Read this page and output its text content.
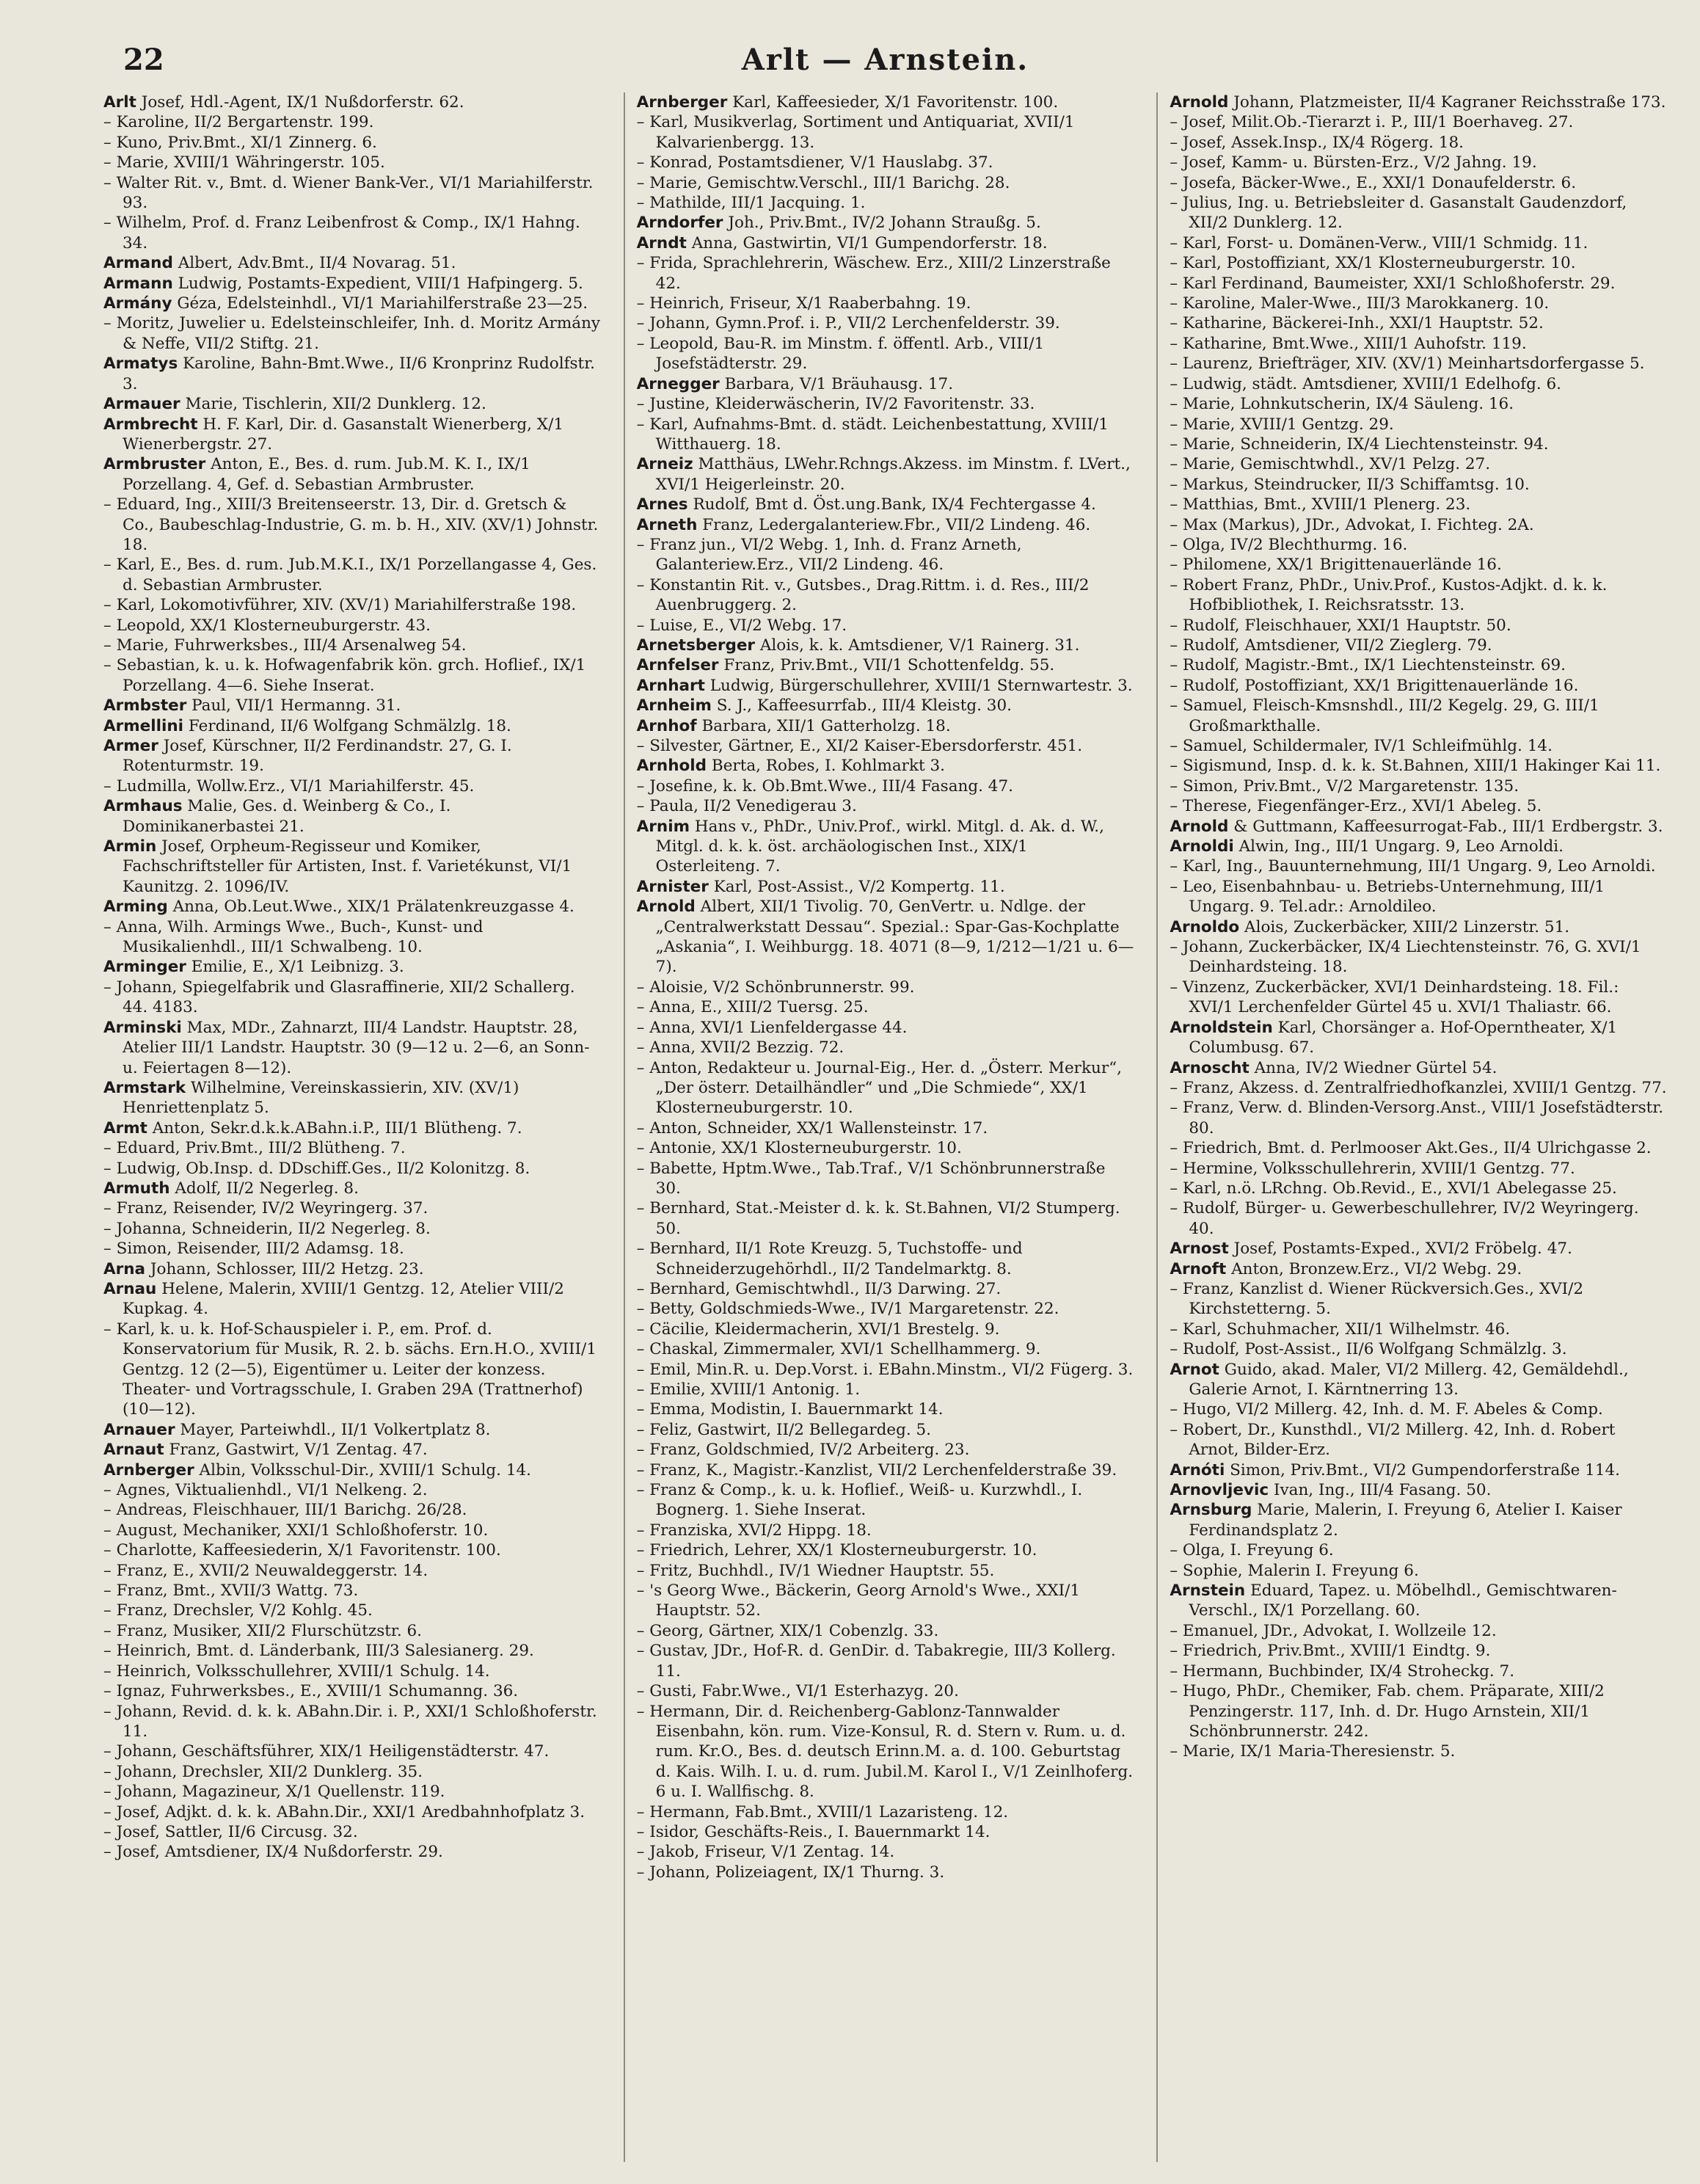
22	Arlt — Arnstein.
Arlt Josef, Hdl.-Agent, IX/1 Nußdorferstr. 62.
– Karoline, II/2 Bergartenstr. 199.
– Kuno, Priv.Bmt., XI/1 Zinnerg. 6.
– Marie, XVIII/1 Währingerstr. 105.
– Walter Rit. v., Bmt. d. Wiener Bank-Ver., VI/1 Mariahilferstr. 93.
– Wilhelm, Prof. d. Franz Leibenfrost & Comp., IX/1 Hahng. 34.
Armand Albert, Adv.Bmt., II/4 Novarag. 51.
Armann Ludwig, Postamts-Expedient, VIII/1 Hafpingerg. 5.
Armány Géza, Edelsteinhdl., VI/1 Mariahilferstraße 23—25.
– Moritz, Juwelier u. Edelsteinschleifer, Inh. d. Moritz Armány & Neffe, VII/2 Stiftg. 21.
Armatys Karoline, Bahn-Bmt.Wwe., II/6 Kronprinz Rudolfstr. 3.
Armauer Marie, Tischlerin, XII/2 Dunklerg. 12.
Armbrecht H. F. Karl, Dir. d. Gasanstalt Wienerberg, X/1 Wienerbergstr. 27.
Armbruster Anton, E., Bes. d. rum. Jub.M. K. I., IX/1 Porzellang. 4, Gef. d. Sebastian Armbruster.
– Eduard, Ing., XIII/3 Breitenseerstr. 13, Dir. d. Gretsch & Co., Baubeschlag-Industrie, G. m. b. H., XIV. (XV/1) Johnstr. 18.
– Karl, E., Bes. d. rum. Jub.M.K.I., IX/1 Porzellangasse 4, Ges. d. Sebastian Armbruster.
– Karl, Lokomotivführer, XIV. (XV/1) Mariahilferstraße 198.
– Leopold, XX/1 Klosterneuburgerstr. 43.
– Marie, Fuhrwerksbes., III/4 Arsenalweg 54.
– Sebastian, k. u. k. Hofwagenfabrik kön. grch. Hoflief., IX/1 Porzellang. 4—6. Siehe Inserat.
Armbster Paul, VII/1 Hermanng. 31.
Armellini Ferdinand, II/6 Wolfgang Schmälzlg. 18.
Armer Josef, Kürschner, II/2 Ferdinandstr. 27, G. I. Rotenturmstr. 19.
– Ludmilla, Wollw.Erz., VI/1 Mariahilferstr. 45.
Armhaus Malie, Ges. d. Weinberg & Co., I. Dominikanerbastei 21.
Armin Josef, Orpheum-Regisseur und Komiker, Fachschriftsteller für Artisten, Inst. f. Varietékunst, VI/1 Kaunitzg. 2. 1096/IV.
Arming Anna, Ob.Leut.Wwe., XIX/1 Prälatenkreuzgasse 4.
– Anna, Wilh. Armings Wwe., Buch-, Kunst- und Musikalienhdl., III/1 Schwalbeng. 10.
Arminger Emilie, E., X/1 Leibnizg. 3.
– Johann, Spiegelfabrik und Glasraffinerie, XII/2 Schallerg. 44. 4183.
Arminski Max, MDr., Zahnarzt, III/4 Landstr. Hauptstr. 28, Atelier III/1 Landstr. Hauptstr. 30 (9—12 u. 2—6, an Sonn- u. Feiertagen 8—12).
Armstark Wilhelmine, Vereinskassierin, XIV. (XV/1) Henriettenplatz 5.
Armt Anton, Sekr.d.k.k.ABahn.i.P., III/1 Blütheng. 7.
– Eduard, Priv.Bmt., III/2 Blütheng. 7.
– Ludwig, Ob.Insp. d. DDschiff.Ges., II/2 Kolonitzg. 8.
Armuth Adolf, II/2 Negerleg. 8.
– Franz, Reisender, IV/2 Weyringerg. 37.
– Johanna, Schneiderin, II/2 Negerleg. 8.
– Simon, Reisender, III/2 Adamsg. 18.
Arna Johann, Schlosser, III/2 Hetzg. 23.
Arnau Helene, Malerin, XVIII/1 Gentzg. 12, Atelier VIII/2 Kupkag. 4.
– Karl, k. u. k. Hof-Schauspieler i. P., em. Prof. d. Konservatorium für Musik, R. 2. b. sächs. Ern.H.O., XVIII/1 Gentzg. 12 (2—5), Eigentümer u. Leiter der konzess. Theater- und Vortragsschule, I. Graben 29A (Trattnerhof) (10—12).
Arnauer Mayer, Parteiwhdl., II/1 Volkertplatz 8.
Arnaut Franz, Gastwirt, V/1 Zentag. 47.
Arnberger Albin, Volksschul-Dir., XVIII/1 Schulg. 14.
– Agnes, Viktualienhdl., VI/1 Nelkeng. 2.
– Andreas, Fleischhauer, III/1 Barichg. 26/28.
– August, Mechaniker, XXI/1 Schloßhoferstr. 10.
– Charlotte, Kaffeesiederin, X/1 Favoritenstr. 100.
– Franz, E., XVII/2 Neuwaldeggerstr. 14.
– Franz, Bmt., XVII/3 Wattg. 73.
– Franz, Drechsler, V/2 Kohlg. 45.
– Franz, Musiker, XII/2 Flurschützstr. 6.
– Heinrich, Bmt. d. Länderbank, III/3 Salesianerg. 29.
– Heinrich, Volksschullehrer, XVIII/1 Schulg. 14.
– Ignaz, Fuhrwerksbes., E., XVIII/1 Schumanng. 36.
– Johann, Revid. d. k. k. ABahn.Dir. i. P., XXI/1 Schloßhoferstr. 11.
– Johann, Geschäftsführer, XIX/1 Heiligenstädterstr. 47.
– Johann, Drechsler, XII/2 Dunklerg. 35.
– Johann, Magazineur, X/1 Quellenstr. 119.
– Josef, Adjkt. d. k. k. ABahn.Dir., XXI/1 Aredbahnhofplatz 3.
– Josef, Sattler, II/6 Circusg. 32.
– Josef, Amtsdiener, IX/4 Nußdorferstr. 29.
Arnberger Karl, Kaffeesieder, X/1 Favoritenstr. 100.
– Karl, Musikverlag, Sortiment und Antiquariat, XVII/1 Kalvarienbergg. 13.
– Konrad, Postamtsdiener, V/1 Hauslabg. 37.
– Marie, Gemischtw.Verschl., III/1 Barichg. 28.
– Mathilde, III/1 Jacquing. 1.
Arndorfer Joh., Priv.Bmt., IV/2 Johann Straußg. 5.
Arndt Anna, Gastwirtin, VI/1 Gumpendorferstr. 18.
– Frida, Sprachlehrerin, Wäschew. Erz., XIII/2 Linzerstraße 42.
– Heinrich, Friseur, X/1 Raaberbahng. 19.
– Johann, Gymn.Prof. i. P., VII/2 Lerchenfelderstr. 39.
– Leopold, Bau-R. im Minstm. f. öffentl. Arb., VIII/1 Josefstädterstr. 29.
Arnegger Barbara, V/1 Bräuhausg. 17.
– Justine, Kleiderwäscherin, IV/2 Favoritenstr. 33.
– Karl, Aufnahms-Bmt. d. städt. Leichenbestattung, XVIII/1 Witthauerg. 18.
Arneiz Matthäus, LWehr.Rchngs.Akzess. im Minstm. f. LVert., XVI/1 Heigerleinstr. 20.
Arnes Rudolf, Bmt d. Öst.ung.Bank, IX/4 Fechtergasse 4.
Arneth Franz, Ledergalanteriew.Fbr., VII/2 Lindeng. 46.
– Franz jun., VI/2 Webg. 1, Inh. d. Franz Arneth, Galanteriew.Erz., VII/2 Lindeng. 46.
– Konstantin Rit. v., Gutsbes., Drag.Rittm. i. d. Res., III/2 Auenbruggerg. 2.
– Luise, E., VI/2 Webg. 17.
Arnetsberger Alois, k. k. Amtsdiener, V/1 Rainerg. 31.
Arnfelser Franz, Priv.Bmt., VII/1 Schottenfeldg. 55.
Arnhart Ludwig, Bürgerschullehrer, XVIII/1 Sternwartestr. 3.
Arnheim S. J., Kaffeesurrfab., III/4 Kleistg. 30.
Arnhof Barbara, XII/1 Gatterholzg. 18.
– Silvester, Gärtner, E., XI/2 Kaiser-Ebersdorferstr. 451.
Arnhold Berta, Robes, I. Kohlmarkt 3.
– Josefine, k. k. Ob.Bmt.Wwe., III/4 Fasang. 47.
– Paula, II/2 Venedigerau 3.
Arnim Hans v., PhDr., Univ.Prof., wirkl. Mitgl. d. Ak. d. W., Mitgl. d. k. k. öst. archäologischen Inst., XIX/1 Osterleiteng. 7.
Arnister Karl, Post-Assist., V/2 Kompertg. 11.
Arnold Albert, XII/1 Tivolig. 70, GenVertr. u. Ndlge. der „Centralwerkstatt Dessau“. Spezial.: Spar-Gas-Kochplatte „Askania“, I. Weihburgg. 18. 4071 (8—9, 1/212—1/21 u. 6—7).
– Aloisie, V/2 Schönbrunnerstr. 99.
– Anna, E., XIII/2 Tuersg. 25.
– Anna, XVI/1 Lienfeldergasse 44.
– Anna, XVII/2 Bezzig. 72.
– Anton, Redakteur u. Journal-Eig., Her. d. „Österr. Merkur“, „Der österr. Detailhändler“ und „Die Schmiede“, XX/1 Klosterneuburgerstr. 10.
– Anton, Schneider, XX/1 Wallensteinstr. 17.
– Antonie, XX/1 Klosterneuburgerstr. 10.
– Babette, Hptm.Wwe., Tab.Traf., V/1 Schönbrunnerstraße 30.
– Bernhard, Stat.-Meister d. k. k. St.Bahnen, VI/2 Stumperg. 50.
– Bernhard, II/1 Rote Kreuzg. 5, Tuchstoffe- und Schneiderzugehörhdl., II/2 Tandelmarktg. 8.
– Bernhard, Gemischtwhdl., II/3 Darwing. 27.
– Betty, Goldschmieds-Wwe., IV/1 Margaretenstr. 22.
– Cäcilie, Kleidermacherin, XVI/1 Brestelg. 9.
– Chaskal, Zimmermaler, XVI/1 Schellhammerg. 9.
– Emil, Min.R. u. Dep.Vorst. i. EBahn.Minstm., VI/2 Fügerg. 3.
– Emilie, XVIII/1 Antonig. 1.
– Emma, Modistin, I. Bauernmarkt 14.
– Feliz, Gastwirt, II/2 Bellegardeg. 5.
– Franz, Goldschmied, IV/2 Arbeiterg. 23.
– Franz, K., Magistr.-Kanzlist, VII/2 Lerchenfelderstraße 39.
– Franz & Comp., k. u. k. Hoflief., Weiß- u. Kurzwhdl., I. Bognerg. 1. Siehe Inserat.
– Franziska, XVI/2 Hippg. 18.
– Friedrich, Lehrer, XX/1 Klosterneuburgerstr. 10.
– Fritz, Buchhdl., IV/1 Wiedner Hauptstr. 55.
– 's Georg Wwe., Bäckerin, Georg Arnold's Wwe., XXI/1 Hauptstr. 52.
– Georg, Gärtner, XIX/1 Cobenzlg. 33.
– Gustav, JDr., Hof-R. d. GenDir. d. Tabakregie, III/3 Kollerg. 11.
– Gusti, Fabr.Wwe., VI/1 Esterhazyg. 20.
– Hermann, Dir. d. Reichenberg-Gablonz-Tannwalder Eisenbahn, kön. rum. Vize-Konsul, R. d. Stern v. Rum. u. d. rum. Kr.O., Bes. d. deutsch Erinn.M. a. d. 100. Geburtstag d. Kais. Wilh. I. u. d. rum. Jubil.M. Karol I., V/1 Zeinlhoferg. 6 u. I. Wallfischg. 8.
– Hermann, Fab.Bmt., XVIII/1 Lazaristeng. 12.
– Isidor, Geschäfts-Reis., I. Bauernmarkt 14.
– Jakob, Friseur, V/1 Zentag. 14.
– Johann, Polizeiagent, IX/1 Thurng. 3.
Arnold Johann, Platzmeister, II/4 Kagraner Reichsstraße 173.
– Josef, Milit.Ob.-Tierarzt i. P., III/1 Boerhaveg. 27.
– Josef, Assek.Insp., IX/4 Rögerg. 18.
– Josef, Kamm- u. Bürsten-Erz., V/2 Jahng. 19.
– Josefa, Bäcker-Wwe., E., XXI/1 Donaufelderstr. 6.
– Julius, Ing. u. Betriebsleiter d. Gasanstalt Gaudenzdorf, XII/2 Dunklerg. 12.
– Karl, Forst- u. Domänen-Verw., VIII/1 Schmidg. 11.
– Karl, Postoffiziant, XX/1 Klosterneuburgerstr. 10.
– Karl Ferdinand, Baumeister, XXI/1 Schloßhoferstr. 29.
– Karoline, Maler-Wwe., III/3 Marokkanerg. 10.
– Katharine, Bäckerei-Inh., XXI/1 Hauptstr. 52.
– Katharine, Bmt.Wwe., XIII/1 Auhofstr. 119.
– Laurenz, Briefträger, XIV. (XV/1) Meinhartsdorfergasse 5.
– Ludwig, städt. Amtsdiener, XVIII/1 Edelhofg. 6.
– Marie, Lohnkutscherin, IX/4 Säuleng. 16.
– Marie, XVIII/1 Gentzg. 29.
– Marie, Schneiderin, IX/4 Liechtensteinstr. 94.
– Marie, Gemischtwhdl., XV/1 Pelzg. 27.
– Markus, Steindrucker, II/3 Schiffamtsg. 10.
– Matthias, Bmt., XVIII/1 Plenerg. 23.
– Max (Markus), JDr., Advokat, I. Fichteg. 2A.
– Olga, IV/2 Blechthurmg. 16.
– Philomene, XX/1 Brigittenauerlände 16.
– Robert Franz, PhDr., Univ.Prof., Kustos-Adjkt. d. k. k. Hofbibliothek, I. Reichsratsstr. 13.
– Rudolf, Fleischhauer, XXI/1 Hauptstr. 50.
– Rudolf, Amtsdiener, VII/2 Zieglerg. 79.
– Rudolf, Magistr.-Bmt., IX/1 Liechtensteinstr. 69.
– Rudolf, Postoffiziant, XX/1 Brigittenauerlände 16.
– Samuel, Fleisch-Kmsnshdl., III/2 Kegelg. 29, G. III/1 Großmarkthalle.
– Samuel, Schildermaler, IV/1 Schleifmühlg. 14.
– Sigismund, Insp. d. k. k. St.Bahnen, XIII/1 Hakinger Kai 11.
– Simon, Priv.Bmt., V/2 Margaretenstr. 135.
– Therese, Fiegenfänger-Erz., XVI/1 Abeleg. 5.
Arnold & Guttmann, Kaffeesurrogat-Fab., III/1 Erdbergstr. 3.
Arnoldi Alwin, Ing., III/1 Ungarg. 9, Leo Arnoldi.
– Karl, Ing., Bauunternehmung, III/1 Ungarg. 9, Leo Arnoldi.
– Leo, Eisenbahnbau- u. Betriebs-Unternehmung, III/1 Ungarg. 9. Tel.adr.: Arnoldileo.
Arnoldo Alois, Zuckerbäcker, XIII/2 Linzerstr. 51.
– Johann, Zuckerbäcker, IX/4 Liechtensteinstr. 76, G. XVI/1 Deinhardsteing. 18.
– Vinzenz, Zuckerbäcker, XVI/1 Deinhardsteing. 18. Fil.: XVI/1 Lerchenfelder Gürtel 45 u. XVI/1 Thaliastr. 66.
Arnoldstein Karl, Chorsänger a. Hof-Operntheater, X/1 Columbusg. 67.
Arnoscht Anna, IV/2 Wiedner Gürtel 54.
– Franz, Akzess. d. Zentralfriedhofkanzlei, XVIII/1 Gentzg. 77.
– Franz, Verw. d. Blinden-Versorg.Anst., VIII/1 Josefstädterstr. 80.
– Friedrich, Bmt. d. Perlmooser Akt.Ges., II/4 Ulrichgasse 2.
– Hermine, Volksschullehrerin, XVIII/1 Gentzg. 77.
– Karl, n.ö. LRchng. Ob.Revid., E., XVI/1 Abelegasse 25.
– Rudolf, Bürger- u. Gewerbeschullehrer, IV/2 Weyringerg. 40.
Arnost Josef, Postamts-Exped., XVI/2 Fröbelg. 47.
Arnoft Anton, Bronzew.Erz., VI/2 Webg. 29.
– Franz, Kanzlist d. Wiener Rückversich.Ges., XVI/2 Kirchstetterng. 5.
– Karl, Schuhmacher, XII/1 Wilhelmstr. 46.
– Rudolf, Post-Assist., II/6 Wolfgang Schmälzlg. 3.
Arnot Guido, akad. Maler, VI/2 Millerg. 42, Gemäldehdl., Galerie Arnot, I. Kärntnerring 13.
– Hugo, VI/2 Millerg. 42, Inh. d. M. F. Abeles & Comp.
– Robert, Dr., Kunsthdl., VI/2 Millerg. 42, Inh. d. Robert Arnot, Bilder-Erz.
Arnóti Simon, Priv.Bmt., VI/2 Gumpendorferstraße 114.
Arnovljevic Ivan, Ing., III/4 Fasang. 50.
Arnsburg Marie, Malerin, I. Freyung 6, Atelier I. Kaiser Ferdinandsplatz 2.
– Olga, I. Freyung 6.
– Sophie, Malerin I. Freyung 6.
Arnstein Eduard, Tapez. u. Möbelhdl., Gemischtwaren-Verschl., IX/1 Porzellang. 60.
– Emanuel, JDr., Advokat, I. Wollzeile 12.
– Friedrich, Priv.Bmt., XVIII/1 Eindtg. 9.
– Hermann, Buchbinder, IX/4 Stroheckg. 7.
– Hugo, PhDr., Chemiker, Fab. chem. Präparate, XIII/2 Penzingerstr. 117, Inh. d. Dr. Hugo Arnstein, XII/1 Schönbrunnerstr. 242.
– Marie, IX/1 Maria-Theresienstr. 5.
